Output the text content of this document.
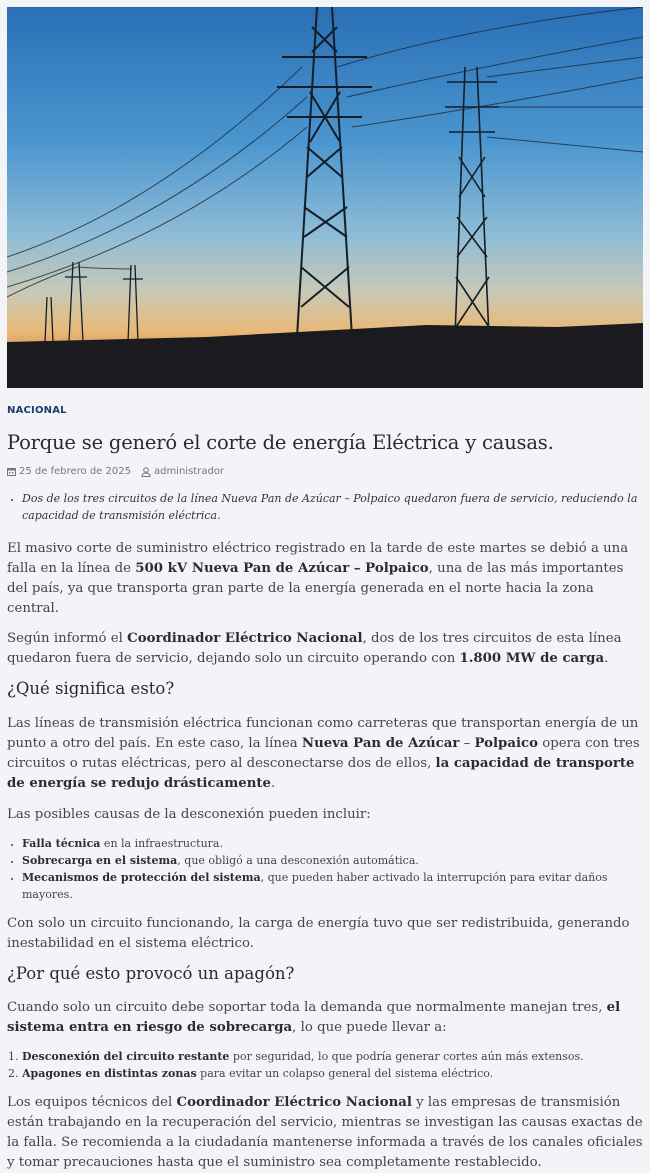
NACIONAL
Porque se generó el corte de energía Eléctrica y causas.
25 de febrero de 2025 administrador
• Dos de los tres circuitos de la línea Nueva Pan de Azúcar – Polpaico quedaron fuera de servicio, reduciendo la capacidad de transmisión eléctrica.

El masivo corte de suministro eléctrico registrado en la tarde de este martes se debió a una falla en la línea de 500 kV Nueva Pan de Azúcar – Polpaico, una de las más importantes del país, ya que transporta gran parte de la energía generada en el norte hacia la zona central.

Según informó el Coordinador Eléctrico Nacional, dos de los tres circuitos de esta línea quedaron fuera de servicio, dejando solo un circuito operando con 1.800 MW de carga.

¿Qué significa esto?

Las líneas de transmisión eléctrica funcionan como carreteras que transportan energía de un punto a otro del país. En este caso, la línea Nueva Pan de Azúcar – Polpaico opera con tres circuitos o rutas eléctricas, pero al desconectarse dos de ellos, la capacidad de transporte de energía se redujo drásticamente.

Las posibles causas de la desconexión pueden incluir:

• Falla técnica en la infraestructura.
• Sobrecarga en el sistema, que obligó a una desconexión automática.
• Mecanismos de protección del sistema, que pueden haber activado la interrupción para evitar daños mayores.

Con solo un circuito funcionando, la carga de energía tuvo que ser redistribuida, generando inestabilidad en el sistema eléctrico.

¿Por qué esto provocó un apagón?

Cuando solo un circuito debe soportar toda la demanda que normalmente manejan tres, el sistema entra en riesgo de sobrecarga, lo que puede llevar a:

1. Desconexión del circuito restante por seguridad, lo que podría generar cortes aún más extensos.
2. Apagones en distintas zonas para evitar un colapso general del sistema eléctrico.

Los equipos técnicos del Coordinador Eléctrico Nacional y las empresas de transmisión están trabajando en la recuperación del servicio, mientras se investigan las causas exactas de la falla. Se recomienda a la ciudadanía mantenerse informada a través de los canales oficiales y tomar precauciones hasta que el suministro sea completamente restablecido.
